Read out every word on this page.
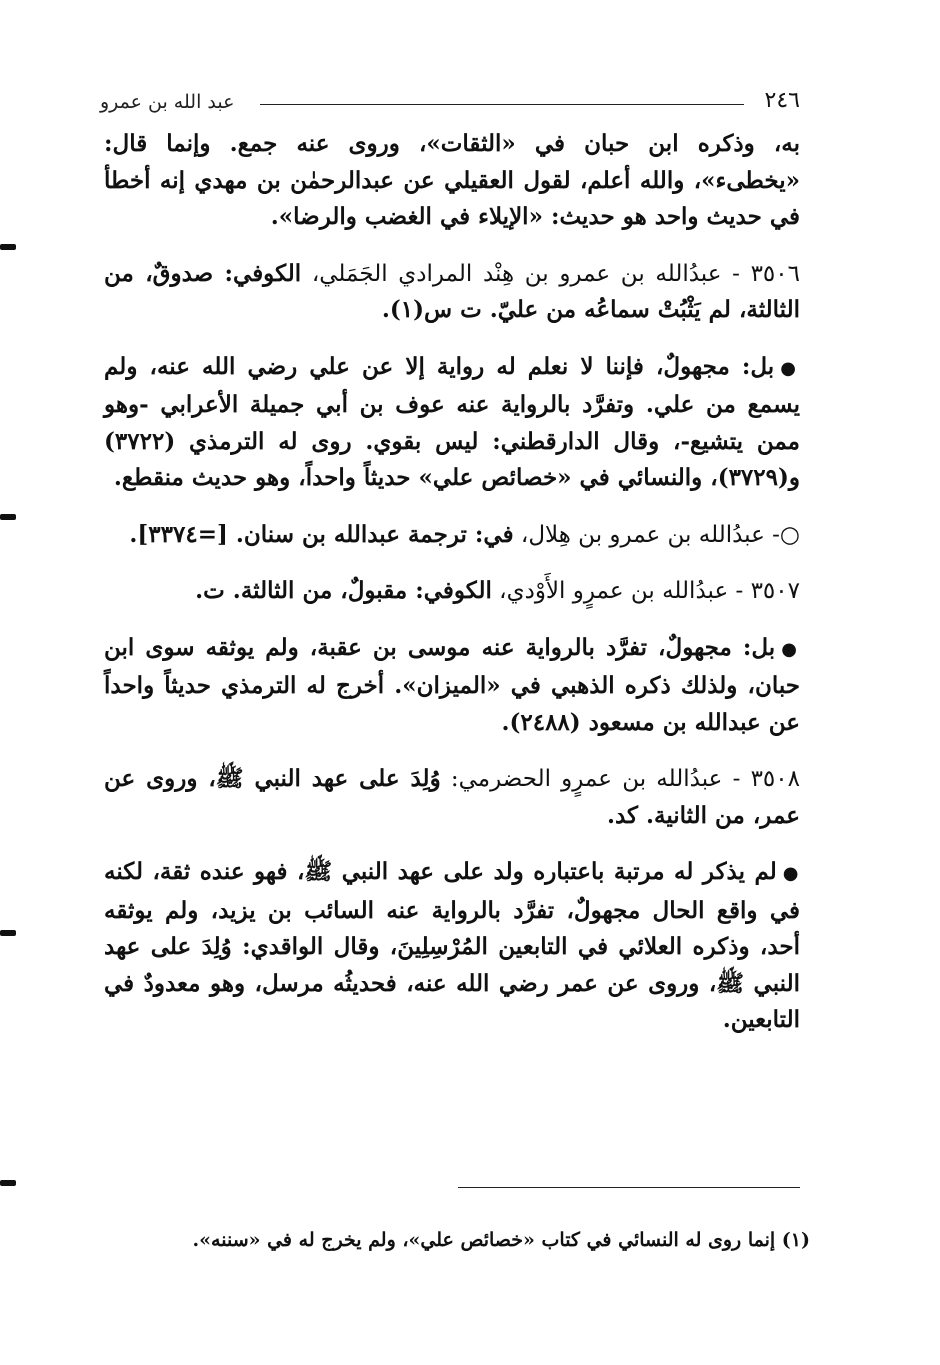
٢٤٦
عبد الله بن عمرو

به، وذكره ابن حبان في «الثقات»، وروى عنه جمع. وإنما قال: «يخطىء»، والله أعلم، لقول العقيلي عن عبدالرحمٰن بن مهدي إنه أخطأ في حديث واحد هو حديث: «الإيلاء في الغضب والرضا».

٣٥٠٦ - عبدُالله بن عمرو بن هِنْد المرادي الجَمَلي، الكوفي: صدوقٌ، من الثالثة، لم يَثْبُتْ سماعُه من عليّ. ت س(١).

●بل: مجهولٌ، فإننا لا نعلم له رواية إلا عن علي رضي الله عنه، ولم يسمع من علي. وتفرَّد بالرواية عنه عوف بن أبي جميلة الأعرابي -وهو ممن يتشيع-، وقال الدارقطني: ليس بقوي. روى له الترمذي (٣٧٢٢) و(٣٧٢٩)، والنسائي في «خصائص علي» حديثاً واحداً، وهو حديث منقطع.

○- عبدُالله بن عمرو بن هِلال، في: ترجمة عبدالله بن سنان. [=٣٣٧٤].

٣٥٠٧ - عبدُالله بن عمرٍو الأَوْدي، الكوفي: مقبولٌ، من الثالثة. ت.

●بل: مجهولٌ، تفرَّد بالرواية عنه موسى بن عقبة، ولم يوثقه سوى ابن حبان، ولذلك ذكره الذهبي في «الميزان». أخرج له الترمذي حديثاً واحداً عن عبدالله بن مسعود (٢٤٨٨).

٣٥٠٨ - عبدُالله بن عمرٍو الحضرمي: وُلِدَ على عهد النبي ﷺ، وروى عن عمر، من الثانية. كد.

●لم يذكر له مرتبة باعتباره ولد على عهد النبي ﷺ، فهو عنده ثقة، لكنه في واقع الحال مجهولٌ، تفرَّد بالرواية عنه السائب بن يزيد، ولم يوثقه أحد، وذكره العلائي في التابعين المُرْسِلِينَ، وقال الواقدي: وُلِدَ على عهد النبي ﷺ، وروى عن عمر رضي الله عنه، فحديثُه مرسل، وهو معدودٌ في التابعين.

(١) إنما روى له النسائي في كتاب «خصائص علي»، ولم يخرج له في «سننه».
